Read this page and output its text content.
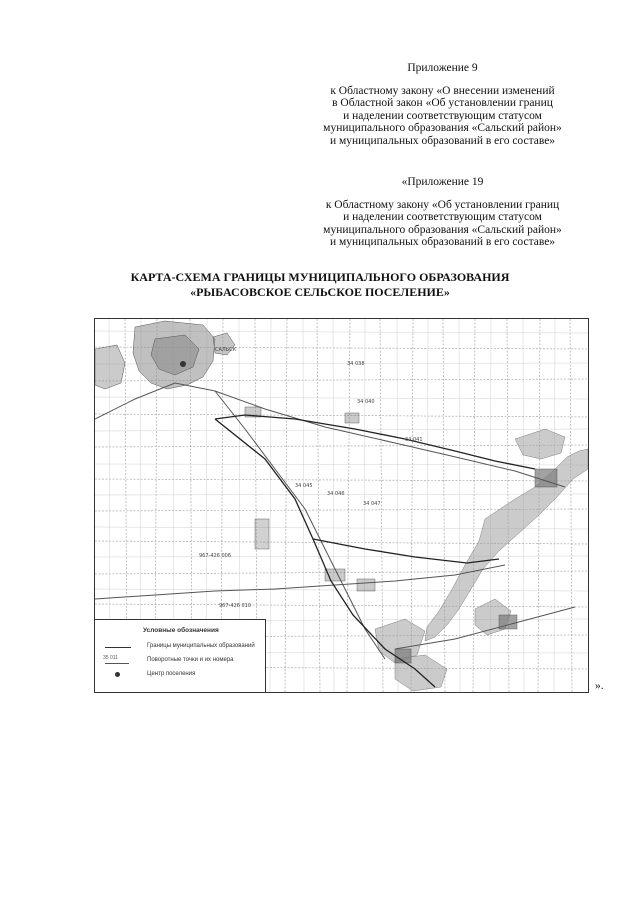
Приложение 9
к Областному закону «О внесении изменений
в Областной закон «Об установлении границ
и наделении соответствующим статусом
муниципального образования «Сальский район»
и муниципальных образований в его составе»
«Приложение 19
к Областному закону «Об установлении границ
и наделении соответствующим статусом
муниципального образования «Сальский район»
и муниципальных образований в его составе»
КАРТА-СХЕМА ГРАНИЦЫ МУНИЦИПАЛЬНОГО ОБРАЗОВАНИЯ
«РЫБАСОВСКОЕ СЕЛЬСКОЕ ПОСЕЛЕНИЕ»
САЛЬСК
34 038
34 040
34 041
34 045
34 046
34 047
967-426 006
967-426 010
Условные обозначения
Границы муниципальных образований
35 011	Поворотные точки и их номера
Центр поселения
».
